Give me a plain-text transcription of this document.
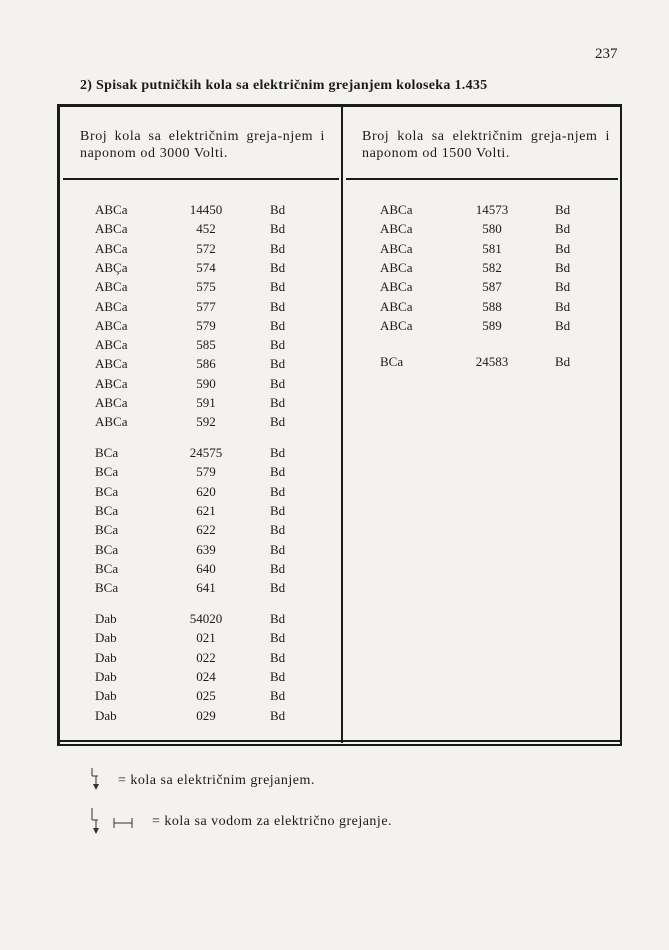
237
2) Spisak putničkih kola sa električnim grejanjem koloseka 1.435
Broj kola sa električnim greja-njem i naponom od 3000 Volti.
Broj kola sa električnim greja-njem i naponom od 1500 Volti.
ABCa	14450	Bd
ABCa	452	Bd
ABCa	572	Bd
ABÇa	574	Bd
ABCa	575	Bd
ABCa	577	Bd
ABCa	579	Bd
ABCa	585	Bd
ABCa	586	Bd
ABCa	590	Bd
ABCa	591	Bd
ABCa	592	Bd
BCa	24575	Bd
BCa	579	Bd
BCa	620	Bd
BCa	621	Bd
BCa	622	Bd
BCa	639	Bd
BCa	640	Bd
BCa	641	Bd
Dab	54020	Bd
Dab	021	Bd
Dab	022	Bd
Dab	024	Bd
Dab	025	Bd
Dab	029	Bd
ABCa	14573	Bd
ABCa	580	Bd
ABCa	581	Bd
ABCa	582	Bd
ABCa	587	Bd
ABCa	588	Bd
ABCa	589	Bd
BCa	24583	Bd
= kola sa električnim grejanjem.
= kola sa vodom za električno grejanje.
